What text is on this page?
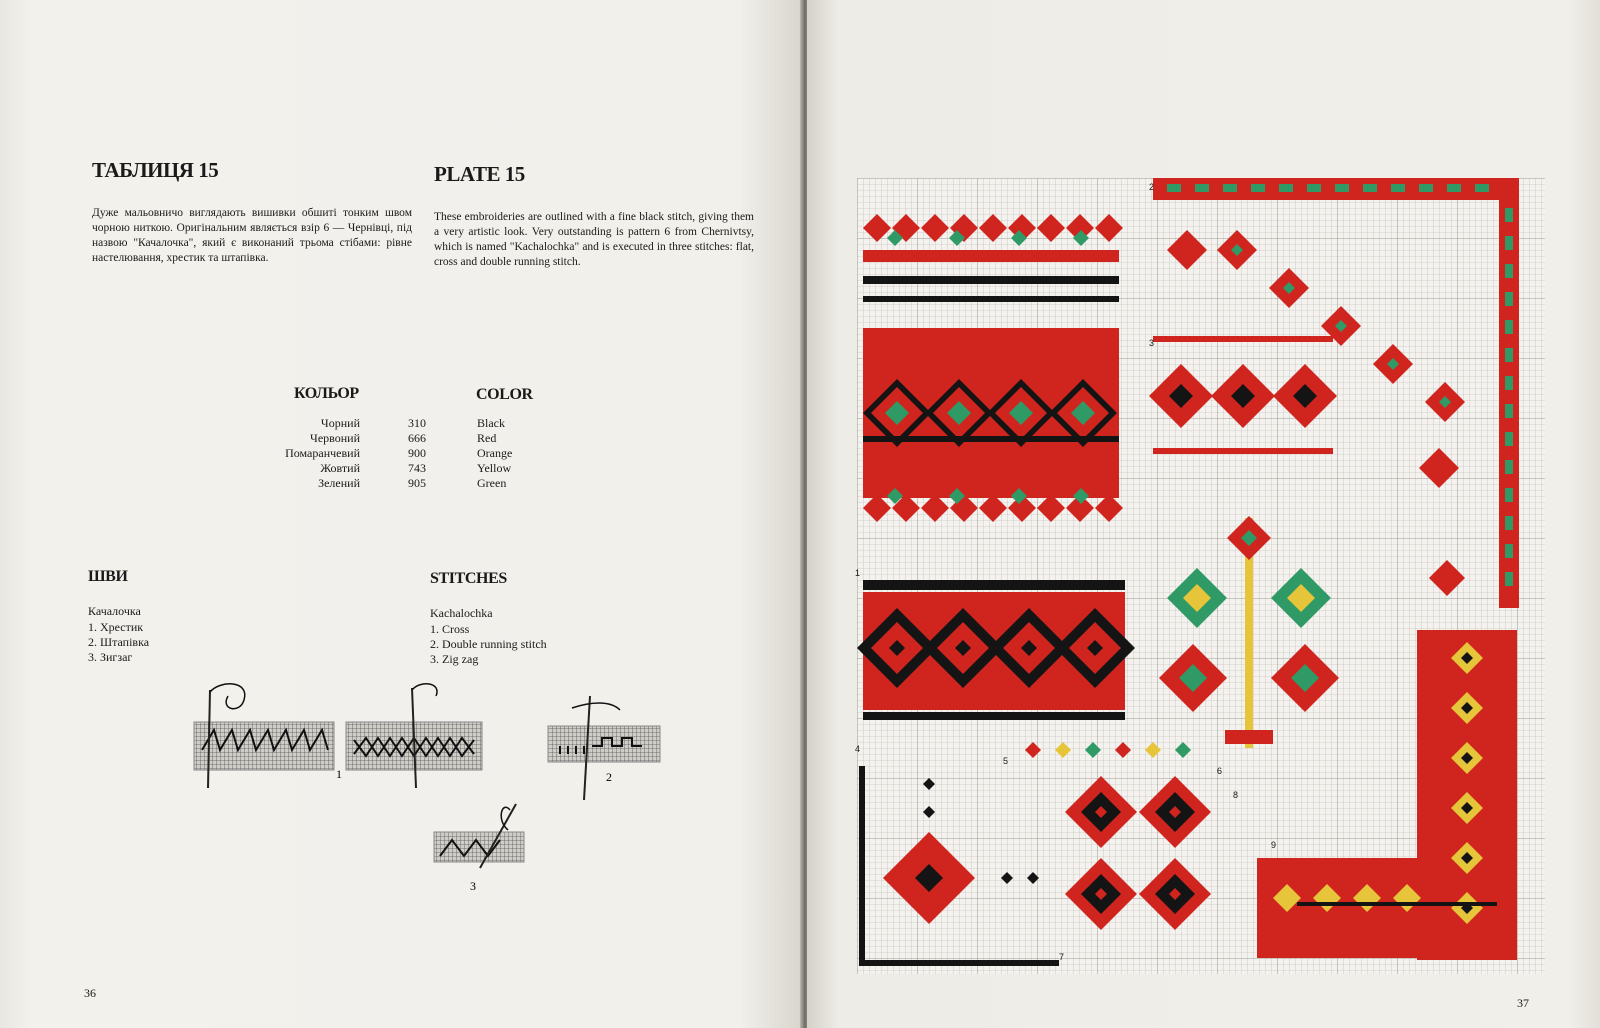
ТАБЛИЦЯ 15	PLATE 15
Дуже мальовничо виглядають вишивки обшиті тонким швом чорною ниткою. Оригінальним являється взір 6 — Чернівці, під назвою "Качалочка", який є виконаний трьома стібами: рівне настелювання, хрестик та штапівка.
These embroideries are outlined with a fine black stitch, giving them a very artistic look. Very outstanding is pattern 6 from Chernivtsy, which is named "Kachalochka" and is executed in three stitches: flat, cross and double running stitch.
КОЛЬОР	COLOR
Чорний	310	Black
Червоний	666	Red
Помаранчевий	900	Orange
Жовтий	743	Yellow
Зелений	905	Green
ШВИ	STITCHES
Качалочка
1. Хрестик
2. Штапівка
3. Зигзаг
Kachalochka
1. Cross
2. Double running stitch
3. Zig zag
1	2
3
36
1
2
3
4
5
6
7
8
9
37
